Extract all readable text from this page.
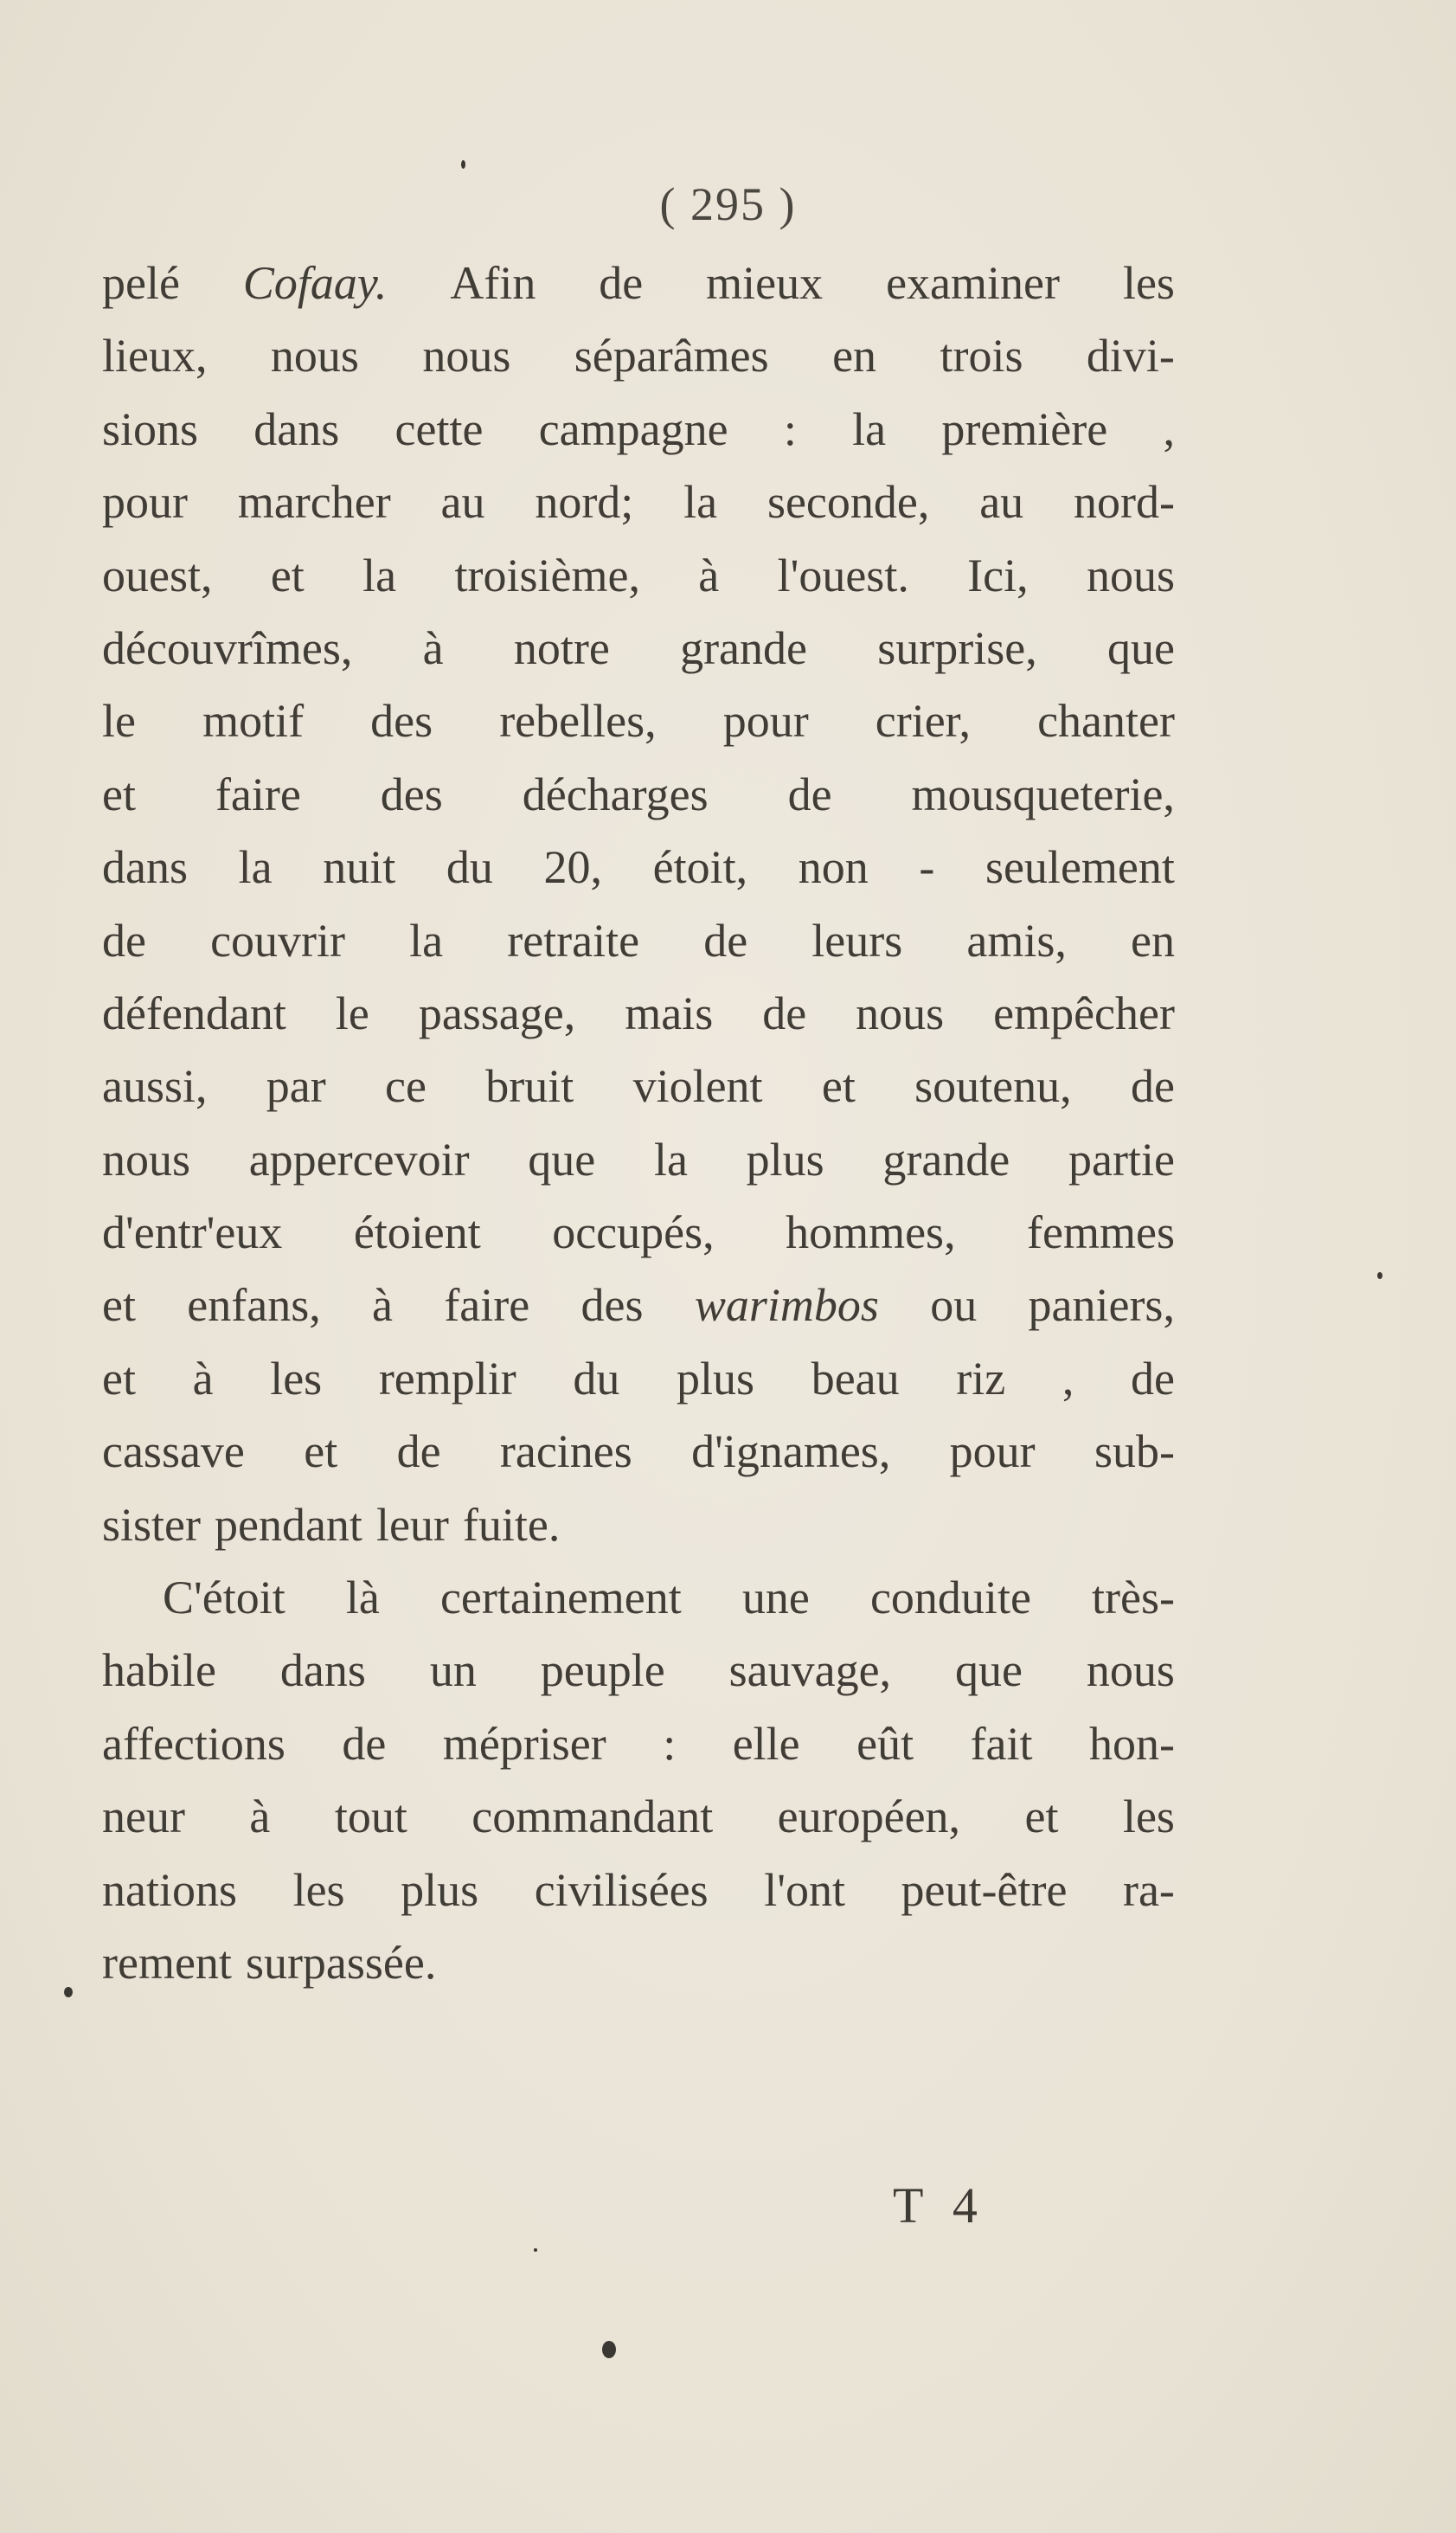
( 295 )
pelé Cofaay. Afin de mieux examiner les
lieux, nous nous séparâmes en trois divi-
sions dans cette campagne : la première ,
pour marcher au nord; la seconde, au nord-
ouest, et la troisième, à l'ouest. Ici, nous
découvrîmes, à notre grande surprise, que
le motif des rebelles, pour crier, chanter
et faire des décharges de mousqueterie,
dans la nuit du 20, étoit, non - seulement
de couvrir la retraite de leurs amis, en
défendant le passage, mais de nous empêcher
aussi, par ce bruit violent et soutenu, de
nous appercevoir que la plus grande partie
d'entr'eux étoient occupés, hommes, femmes
et enfans, à faire des warimbos ou paniers,
et à les remplir du plus beau riz , de
cassave et de racines d'ignames, pour sub-
sister pendant leur fuite.
C'étoit là certainement une conduite très-
habile dans un peuple sauvage, que nous
affections de mépriser : elle eût fait hon-
neur à tout commandant européen, et les
nations les plus civilisées l'ont peut-être ra-
rement surpassée.
T 4
